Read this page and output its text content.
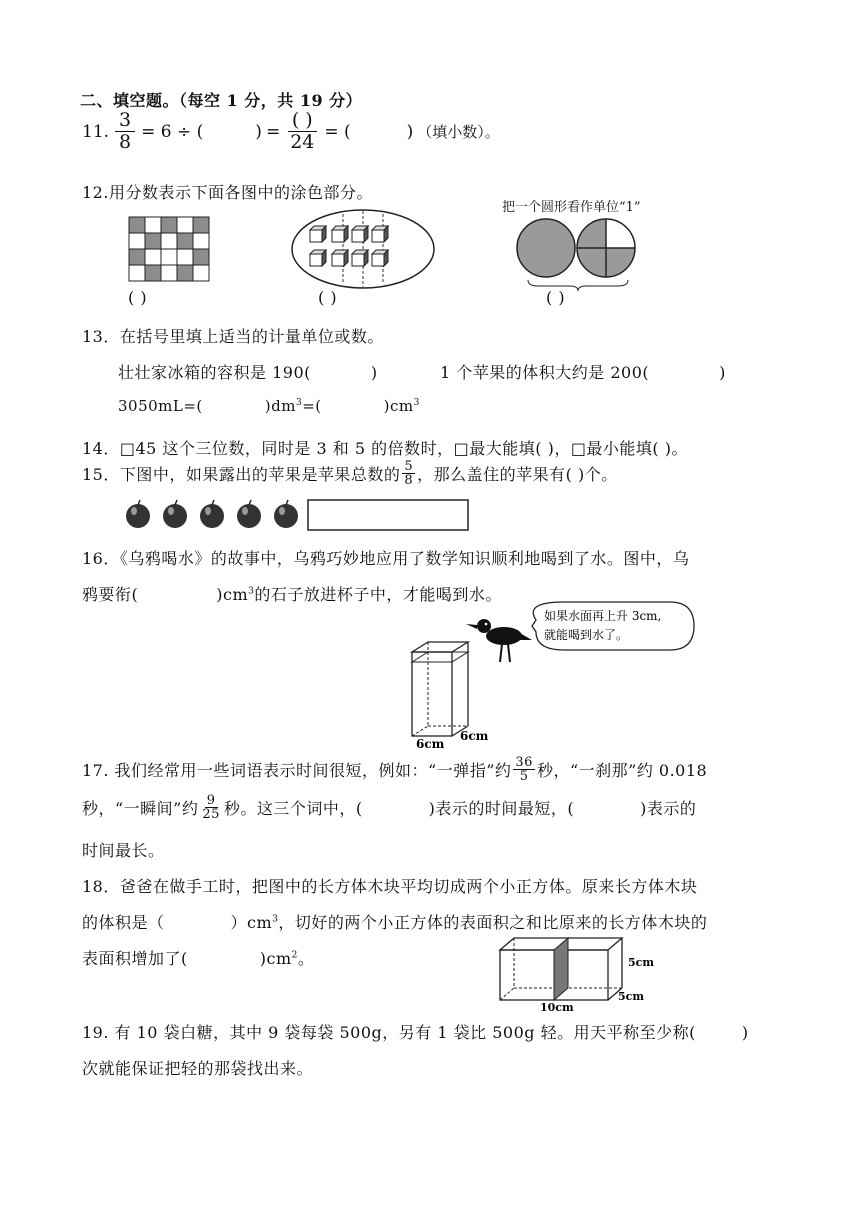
二、填空题。（每空 1 分，共 19 分）
11. $\frac{3}{8} = 6$ ÷ (	) = $\frac{( )}{24}$ = (	) （填小数）。
12.用分数表示下面各图中的涂色部分。
把一个圆形看作单位“1”
( )	( )	( )
13．在括号里填上适当的计量单位或数。
壮壮家冰箱的容积是 190(	)	1 个苹果的体积大约是 200(	)
3050mL=(	)$dm^3=$(	)$cm^3$
14．□45 这个三位数，同时是 3 和 5 的倍数时，□最大能填( )，□最小能填( )。
15．下图中，如果露出的苹果是苹果总数的 $\frac{5}{8}$ ，那么盖住的苹果有( )个。
16．《乌鸦喝水》的故事中，乌鸦巧妙地应用了数学知识顺利地喝到了水。图中，乌
鸦要衔(	)$cm^3$的石子放进杯子中，才能喝到水。
如果水面再上升 3cm,
就能喝到水了。
6cm
6cm
17. 我们经常用一些词语表示时间很短，例如：“一弹指”约 $\frac{36}{5}$ 秒，“一刹那”约 0.018
秒，“一瞬间”约 $\frac{9}{25}$ 秒。这三个词中，(	)表示的时间最短，(	)表示的
时间最长。
18．爸爸在做手工时，把图中的长方体木块平均切成两个小正方体。原来长方体木块
的体积是（	）$cm^3$，切好的两个小正方体的表面积之和比原来的长方体木块的
表面积增加了(	)$cm^2$。	5cm
5cm
10cm
19. 有 10 袋白糖，其中 9 袋每袋 500g，另有 1 袋比 500g 轻。用天平称至少称(	)
次就能保证把轻的那袋找出来。
